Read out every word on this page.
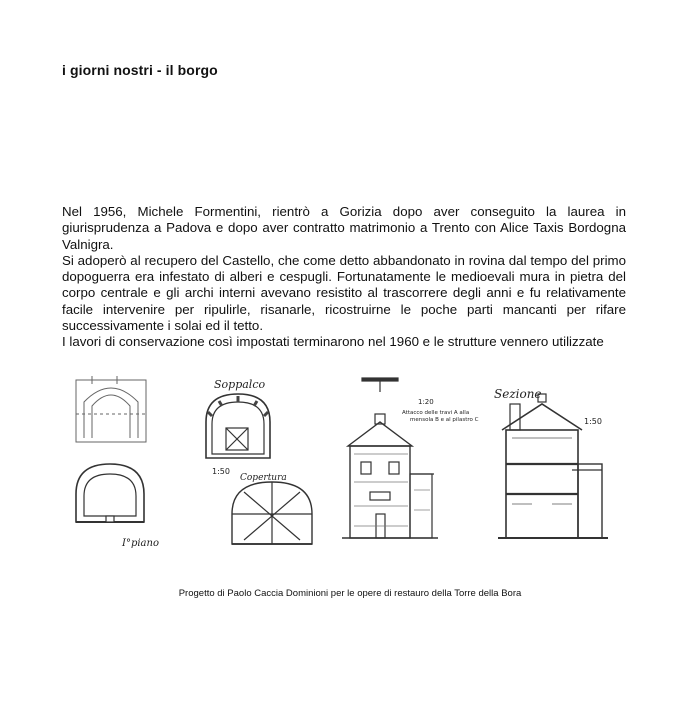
i giorni nostri - il borgo

Nel 1956, Michele Formentini, rientrò a Gorizia dopo aver conseguito la laurea in giurisprudenza a Padova e dopo aver contratto matrimonio a Trento con Alice Taxis Bordogna Valnigra.

Si adoperò al recupero del Castello, che come detto abbandonato in rovina dal tempo del primo dopoguerra era infestato di alberi e cespugli. Fortunatamente le medioevali mura in pietra del corpo centrale e gli archi interni avevano resistito al trascorrere degli anni e fu relativamente facile intervenire per ripulirle, risanarle, ricostruirne le poche parti mancanti per rifare successivamente i solai ed il tetto.

I lavori di conservazione così impostati terminarono nel 1960 e le strutture vennero utilizzate

Soppalco
Copertura
1:50
I°piano
Sezione
1:50
1:20
Attacco delle travi A alla
mensola B e al pilastro C
Progetto di Paolo Caccia Dominioni per le opere di restauro della Torre della Bora
